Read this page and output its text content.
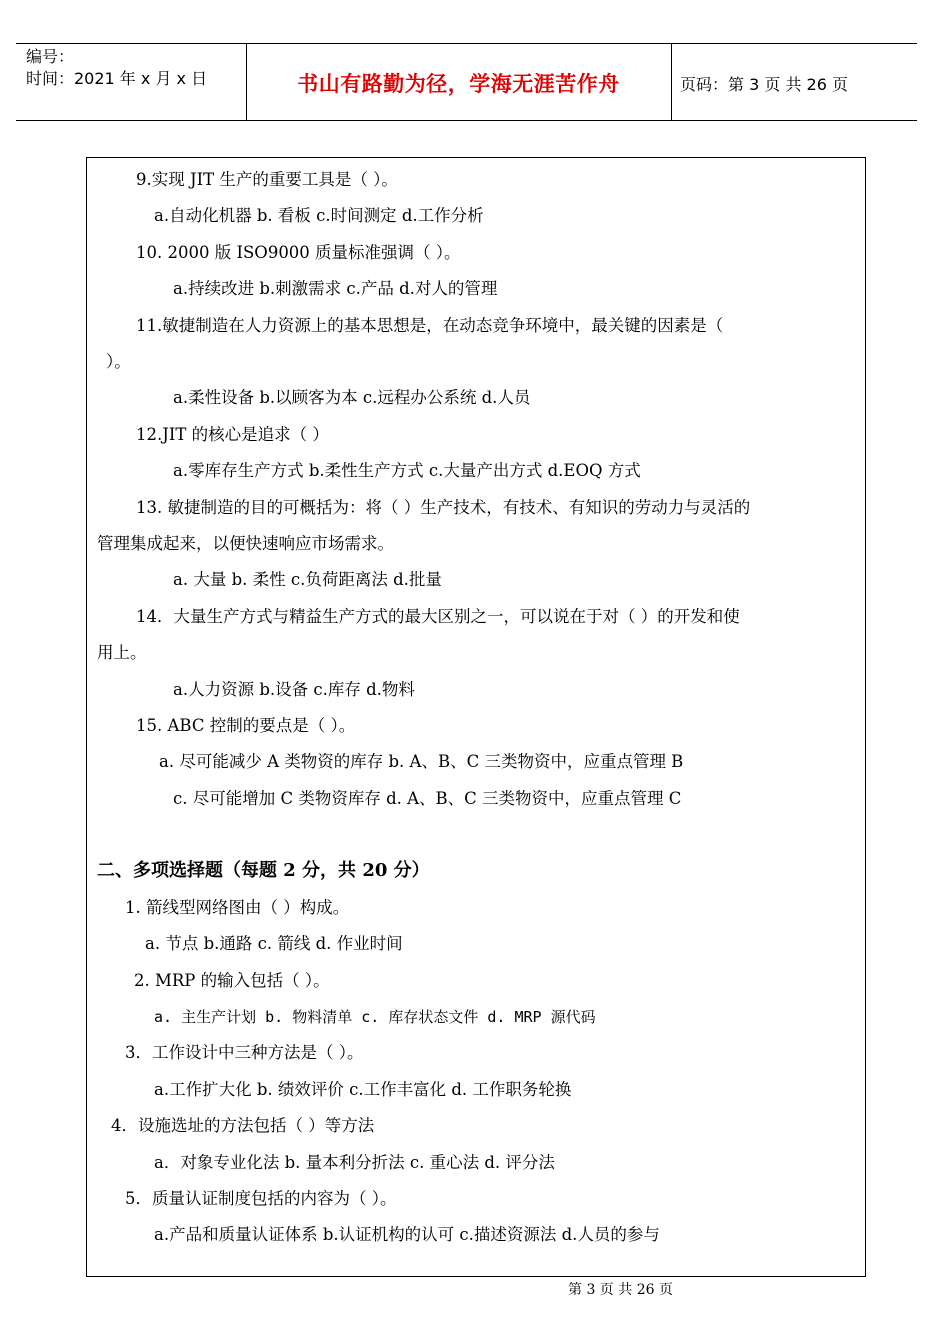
编号：
时间：2021 年 x 月 x 日	书山有路勤为径，学海无涯苦作舟	页码：第 3 页 共 26 页
9.实现 JIT 生产的重要工具是（ ）。
a.自动化机器 b. 看板 c.时间测定 d.工作分析
10. 2000 版 ISO9000 质量标准强调（ ）。
a.持续改进 b.刺激需求 c.产品 d.对人的管理
11.敏捷制造在人力资源上的基本思想是，在动态竞争环境中，最关键的因素是（
）。
a.柔性设备 b.以顾客为本 c.远程办公系统 d.人员
12.JIT 的核心是追求（ ）
a.零库存生产方式 b.柔性生产方式 c.大量产出方式 d.EOQ 方式
13. 敏捷制造的目的可概括为：将（ ）生产技术，有技术、有知识的劳动力与灵活的
管理集成起来，以便快速响应市场需求。
a. 大量 b. 柔性 c.负荷距离法 d.批量
14．大量生产方式与精益生产方式的最大区别之一，可以说在于对（ ）的开发和使
用上。
a.人力资源 b.设备 c.库存 d.物料
15. ABC 控制的要点是（ ）。
a. 尽可能减少 A 类物资的库存 b. A、B、C 三类物资中，应重点管理 B
c. 尽可能增加 C 类物资库存 d. A、B、C 三类物资中，应重点管理 C
二、多项选择题（每题 2 分，共 20 分）
1. 箭线型网络图由（ ）构成。
a. 节点 b.通路 c. 箭线 d. 作业时间
2. MRP 的输入包括（ ）。
a. 主生产计划 b. 物料清单 c. 库存状态文件 d. MRP 源代码
3．工作设计中三种方法是（ ）。
a.工作扩大化 b. 绩效评价 c.工作丰富化 d. 工作职务轮换
4．设施选址的方法包括（ ）等方法
a．对象专业化法 b. 量本利分折法 c. 重心法 d. 评分法
5．质量认证制度包括的内容为（ ）。
a.产品和质量认证体系 b.认证机构的认可 c.描述资源法 d.人员的参与
第 3 页 共 26 页
